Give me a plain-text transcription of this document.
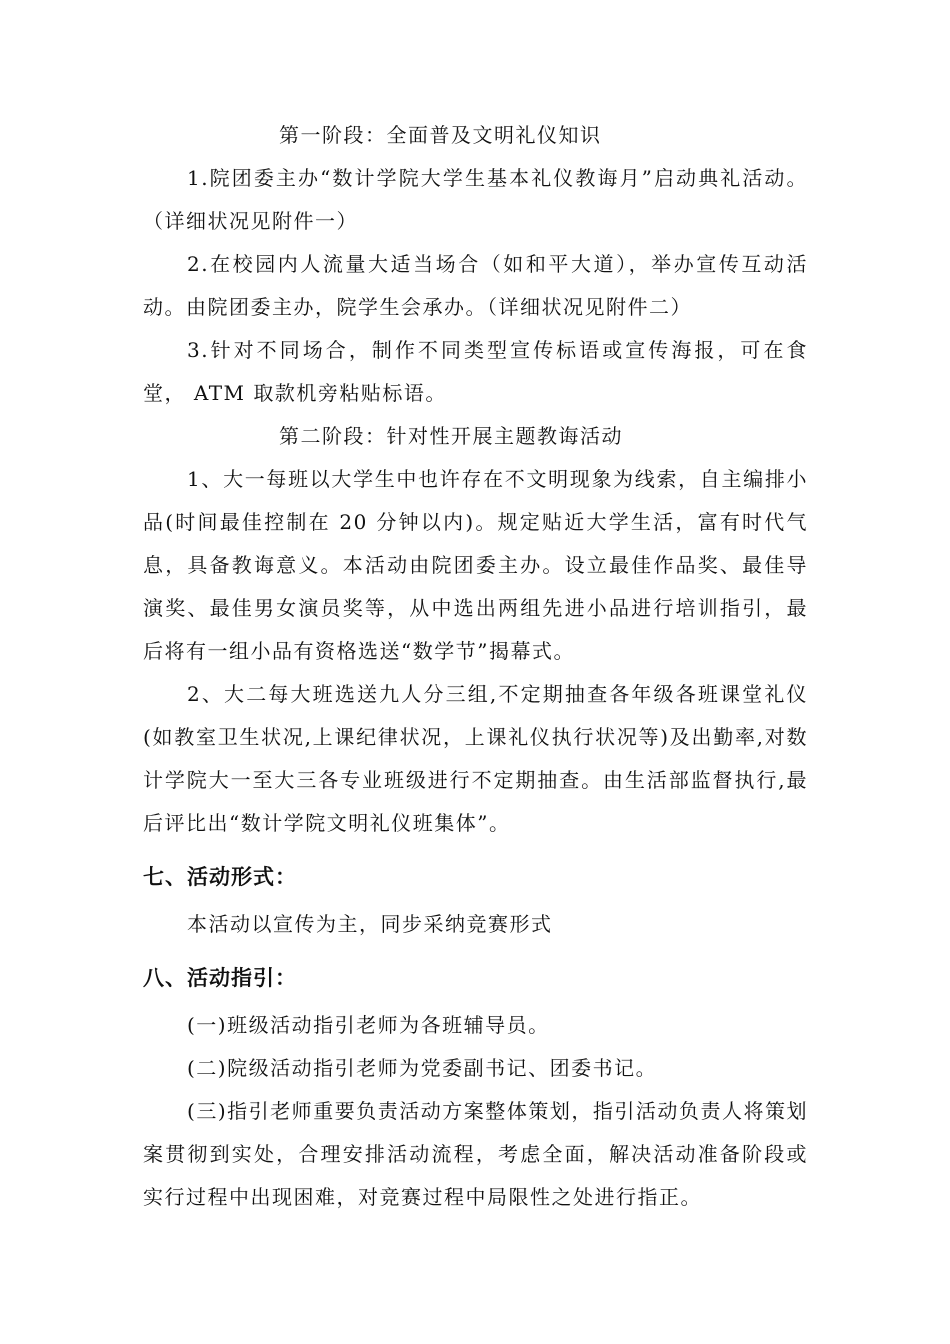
第一阶段：全面普及文明礼仪知识

1.院团委主办“数计学院大学生基本礼仪教诲月”启动典礼活动。（详细状况见附件一）

2.在校园内人流量大适当场合（如和平大道），举办宣传互动活动。由院团委主办，院学生会承办。（详细状况见附件二）

3.针对不同场合，制作不同类型宣传标语或宣传海报，可在食堂， ATM 取款机旁粘贴标语。

第二阶段：针对性开展主题教诲活动

1、大一每班以大学生中也许存在不文明现象为线索，自主编排小品(时间最佳控制在 20 分钟以内)。规定贴近大学生活，富有时代气息，具备教诲意义。本活动由院团委主办。设立最佳作品奖、最佳导演奖、最佳男女演员奖等，从中选出两组先进小品进行培训指引，最后将有一组小品有资格选送“数学节”揭幕式。

2、大二每大班选送九人分三组,不定期抽查各年级各班课堂礼仪(如教室卫生状况,上课纪律状况，上课礼仪执行状况等)及出勤率,对数计学院大一至大三各专业班级进行不定期抽查。由生活部监督执行,最后评比出“数计学院文明礼仪班集体”。

七、活动形式：

本活动以宣传为主，同步采纳竞赛形式

八、活动指引：

(一)班级活动指引老师为各班辅导员。

(二)院级活动指引老师为党委副书记、团委书记。

(三)指引老师重要负责活动方案整体策划，指引活动负责人将策划案贯彻到实处，合理安排活动流程，考虑全面，解决活动准备阶段或实行过程中出现困难，对竞赛过程中局限性之处进行指正。
